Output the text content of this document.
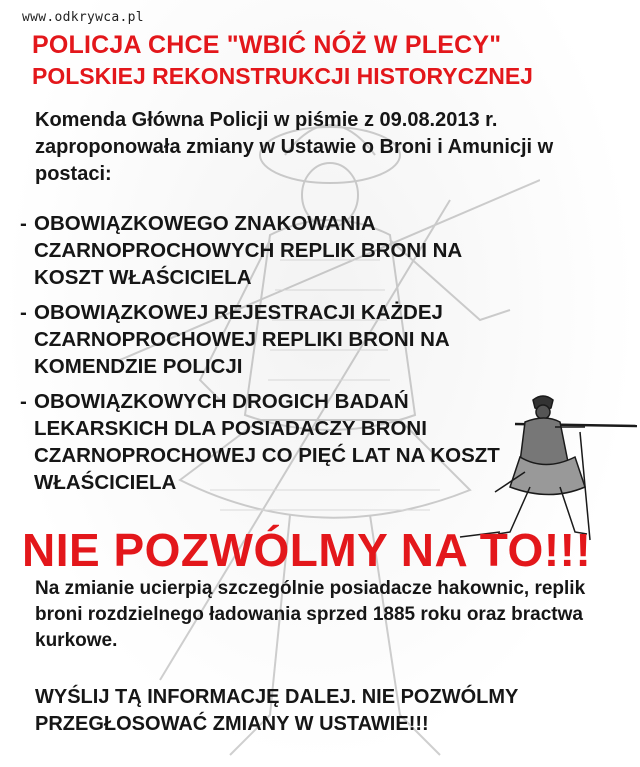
www.odkrywca.pl
POLICJA CHCE "WBIĆ NÓŻ W PLECY"
POLSKIEJ REKONSTRUKCJI HISTORYCZNEJ
Komenda Główna Policji w piśmie z 09.08.2013 r. zaproponowała zmiany w Ustawie o Broni i Amunicji w postaci:
- OBOWIĄZKOWEGO ZNAKOWANIA CZARNOPROCHOWYCH REPLIK BRONI NA KOSZT WŁAŚCICIELA
- OBOWIĄZKOWEJ REJESTRACJI KAŻDEJ CZARNOPROCHOWEJ REPLIKI BRONI NA KOMENDZIE POLICJI
- OBOWIĄZKOWYCH DROGICH BADAŃ LEKARSKICH DLA POSIADACZY BRONI CZARNOPROCHOWEJ CO PIĘĆ LAT NA KOSZT WŁAŚCICIELA
NIE POZWÓLMY NA TO!!!
Na zmianie ucierpią szczególnie posiadacze hakownic, replik broni rozdzielnego ładowania sprzed 1885 roku oraz bractwa kurkowe.
WYŚLIJ TĄ INFORMACJĘ DALEJ. NIE POZWÓLMY
PRZEGŁOSOWAĆ ZMIANY W USTAWIE!!!
